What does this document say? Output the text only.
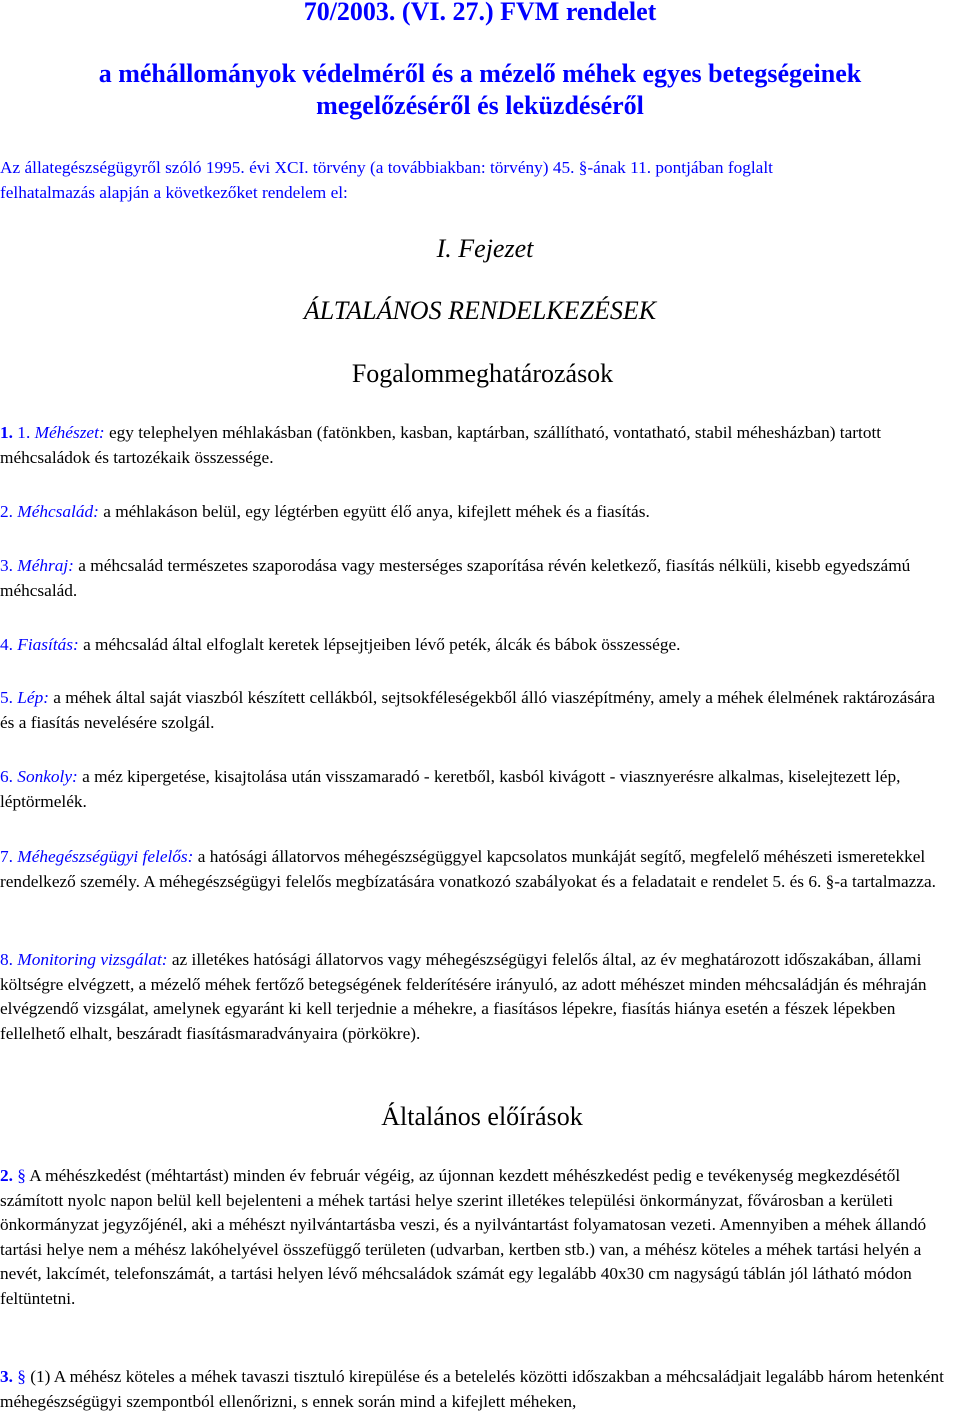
70/2003. (VI. 27.) FVM rendelet
a méhállományok védelméről és a mézelő méhek egyes betegségeinek
megelőzéséről és leküzdéséről
Az állategészségügyről szóló 1995. évi XCI. törvény (a továbbiakban: törvény) 45. §-ának 11. pontjában foglalt
felhatalmazás alapján a következőket rendelem el:
I. Fejezet
ÁLTALÁNOS RENDELKEZÉSEK
Fogalommeghatározások
1. 1. Méhészet: egy telephelyen méhlakásban (fatönkben, kasban, kaptárban, szállítható, vontatható, stabil méhesházban) tartott méhcsaládok és tartozékaik összessége.
2. Méhcsalád: a méhlakáson belül, egy légtérben együtt élő anya, kifejlett méhek és a fiasítás.
3. Méhraj: a méhcsalád természetes szaporodása vagy mesterséges szaporítása révén keletkező, fiasítás nélküli, kisebb egyedszámú méhcsalád.
4. Fiasítás: a méhcsalád által elfoglalt keretek lépsejtjeiben lévő peték, álcák és bábok összessége.
5. Lép: a méhek által saját viaszból készített cellákból, sejtsokféleségekből álló viaszépítmény, amely a méhek élelmének raktározására és a fiasítás nevelésére szolgál.
6. Sonkoly: a méz kipergetése, kisajtolása után visszamaradó - keretből, kasból kivágott - viasznyerésre alkalmas, kiselejtezett lép, léptörmelék.
7. Méhegészségügyi felelős: a hatósági állatorvos méhegészségüggyel kapcsolatos munkáját segítő, megfelelő méhészeti ismeretekkel rendelkező személy. A méhegészségügyi felelős megbízatására vonatkozó szabályokat és a feladatait e rendelet 5. és 6. §-a tartalmazza.
8. Monitoring vizsgálat: az illetékes hatósági állatorvos vagy méhegészségügyi felelős által, az év meghatározott időszakában, állami költségre elvégzett, a mézelő méhek fertőző betegségének felderítésére irányuló, az adott méhészet minden méhcsaládján és méhraján elvégzendő vizsgálat, amelynek egyaránt ki kell terjednie a méhekre, a fiasításos lépekre, fiasítás hiánya esetén a fészek lépekben fellelhető elhalt, beszáradt fiasításmaradványaira (pörkökre).
Általános előírások
2. § A méhészkedést (méhtartást) minden év február végéig, az újonnan kezdett méhészkedést pedig e tevékenység megkezdésétől számított nyolc napon belül kell bejelenteni a méhek tartási helye szerint illetékes települési önkormányzat, fővárosban a kerületi önkormányzat jegyzőjénél, aki a méhészt nyilvántartásba veszi, és a nyilvántartást folyamatosan vezeti. Amennyiben a méhek állandó tartási helye nem a méhész lakóhelyével összefüggő területen (udvarban, kertben stb.) van, a méhész köteles a méhek tartási helyén a nevét, lakcímét, telefonszámát, a tartási helyen lévő méhcsaládok számát egy legalább 40x30 cm nagyságú táblán jól látható módon feltüntetni.
3. § (1) A méhész köteles a méhek tavaszi tisztuló kirepülése és a betelelés közötti időszakban a méhcsaládjait legalább három hetenként méhegészségügyi szempontból ellenőrizni, s ennek során mind a kifejlett méheken,
